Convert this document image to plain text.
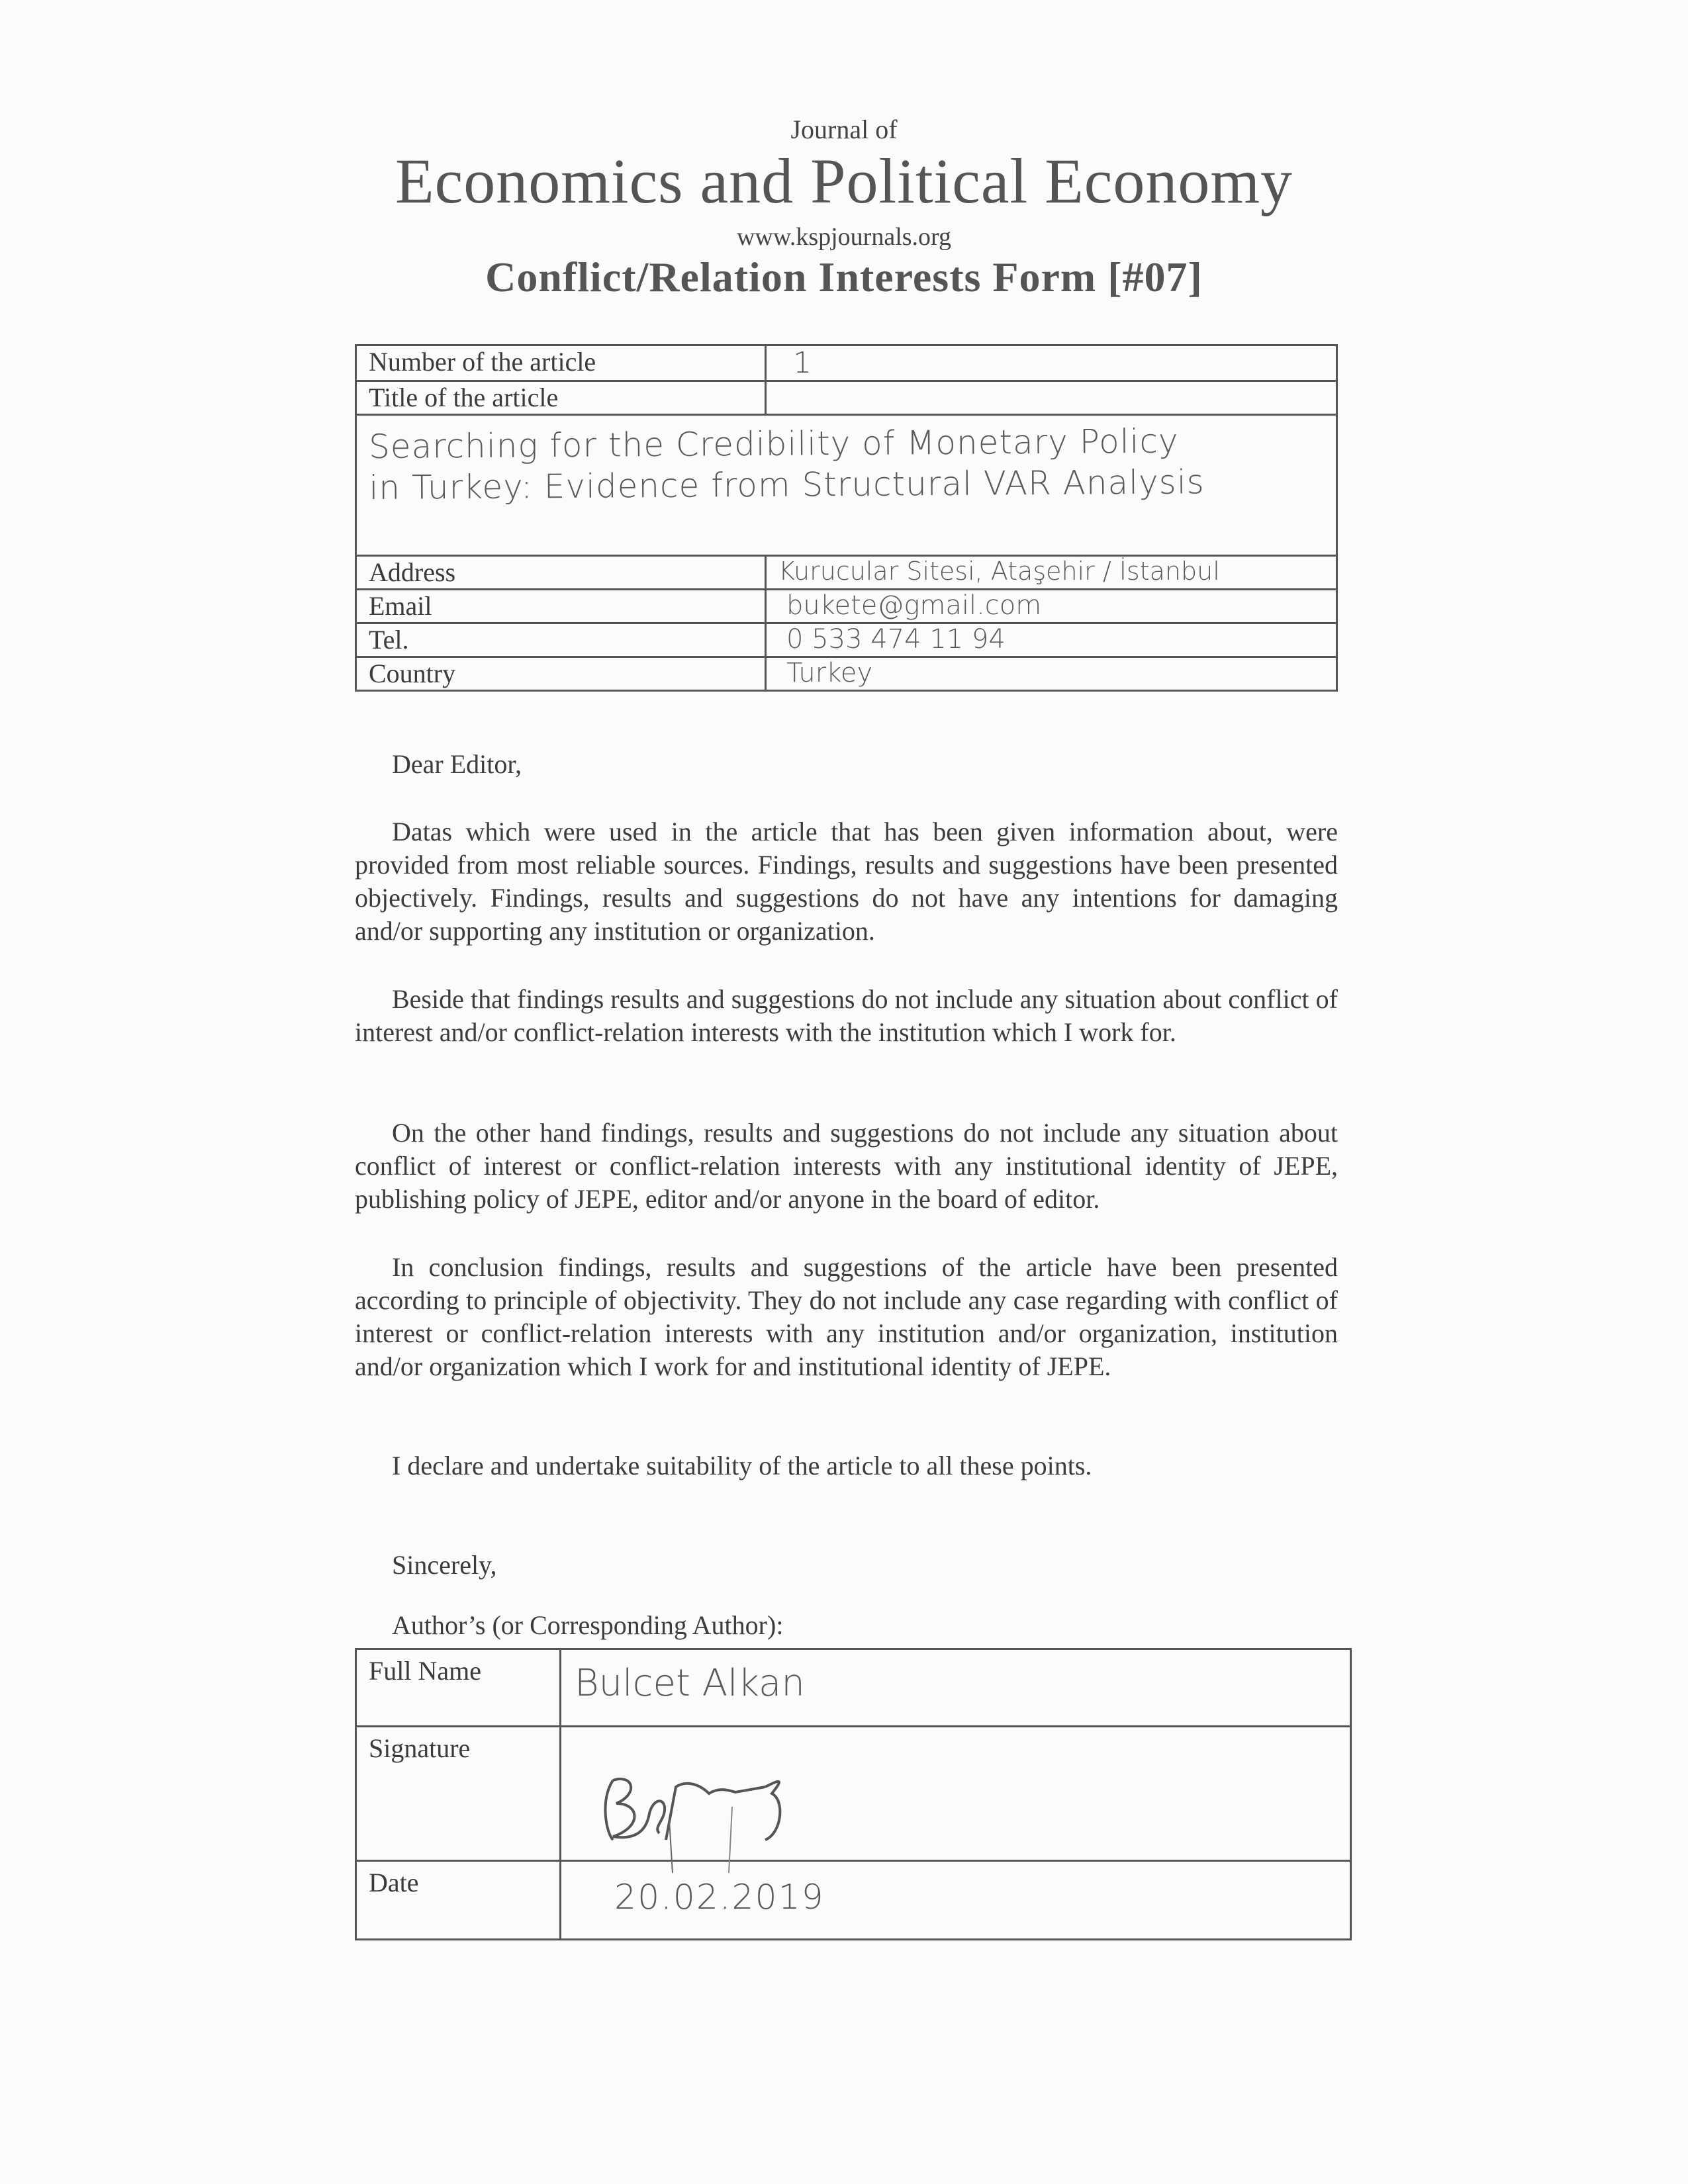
Journal of
Economics and Political Economy
www.kspjournals.org
Conflict/Relation Interests Form [#07]
Number of the article	1
Title of the article	

Searching for the Credibility of Monetary Policy
in Turkey: Evidence from Structural VAR Analysis	

Address	Kurucular Sitesi, Ataşehir / İstanbul
Email	bukete@gmail.com
Tel.	0 533 474 11 94
Country	Turkey
Dear Editor,

Datas which were used in the article that has been given information about, were provided from most reliable sources. Findings, results and suggestions have been presented objectively. Findings, results and suggestions do not have any intentions for damaging and/or supporting any institution or organization.

Beside that findings results and suggestions do not include any situation about conflict of interest and/or conflict-relation interests with the institution which I work for.

On the other hand findings, results and suggestions do not include any situation about conflict of interest or conflict-relation interests with any institutional identity of JEPE, publishing policy of JEPE, editor and/or anyone in the board of editor.

In conclusion findings, results and suggestions of the article have been presented according to principle of objectivity. They do not include any case regarding with conflict of interest or conflict-relation interests with any institution and/or organization, institution and/or organization which I work for and institutional identity of JEPE.

I declare and undertake suitability of the article to all these points.

Sincerely,
Author’s (or Corresponding Author):
Full Name	Bulcet Alkan
Signature	

Date	20.02.2019
